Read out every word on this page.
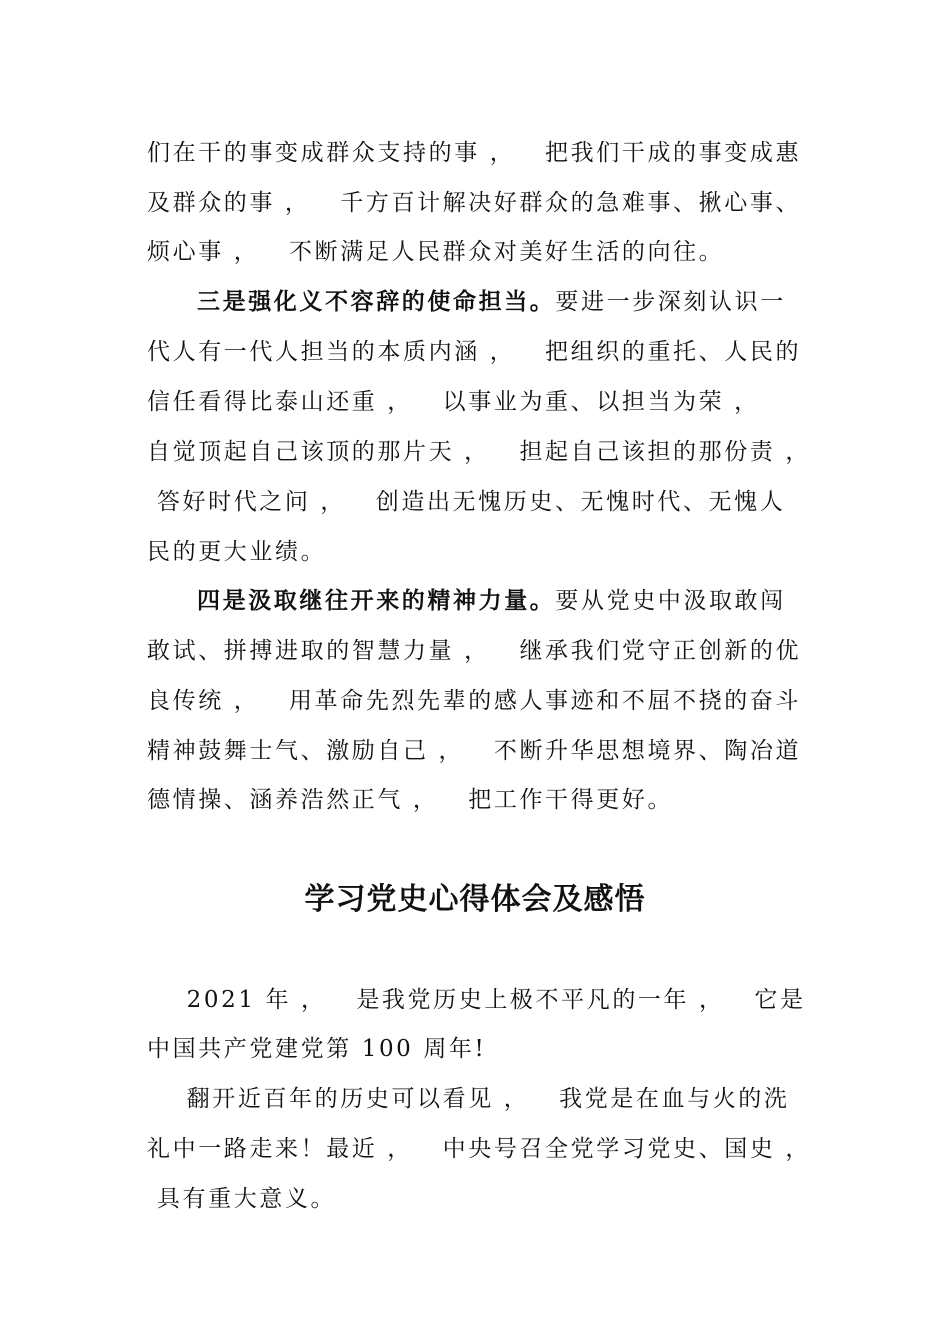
们在干的事变成群众支持的事 ，   把我们干成的事变成惠
及群众的事 ，   千方百计解决好群众的急难事、揪心事、
烦心事 ，   不断满足人民群众对美好生活的向往。
三是强化义不容辞的使命担当。要进一步深刻认识一
代人有一代人担当的本质内涵 ，   把组织的重托、人民的
信任看得比泰山还重 ，   以事业为重、以担当为荣 ，
自觉顶起自己该顶的那片天 ，   担起自己该担的那份责 ，
答好时代之问 ，   创造出无愧历史、无愧时代、无愧人
民的更大业绩。
四是汲取继往开来的精神力量。要从党史中汲取敢闯
敢试、拼搏进取的智慧力量 ，   继承我们党守正创新的优
良传统 ，   用革命先烈先辈的感人事迹和不屈不挠的奋斗
精神鼓舞士气、激励自己 ，   不断升华思想境界、陶冶道
德情操、涵养浩然正气 ，   把工作干得更好。
学习党史心得体会及感悟
2021 年 ，   是我党历史上极不平凡的一年 ，   它是
中国共产党建党第 100 周年!
翻开近百年的历史可以看见 ，   我党是在血与火的洗
礼中一路走来！最近 ，   中央号召全党学习党史、国史 ，
具有重大意义。
